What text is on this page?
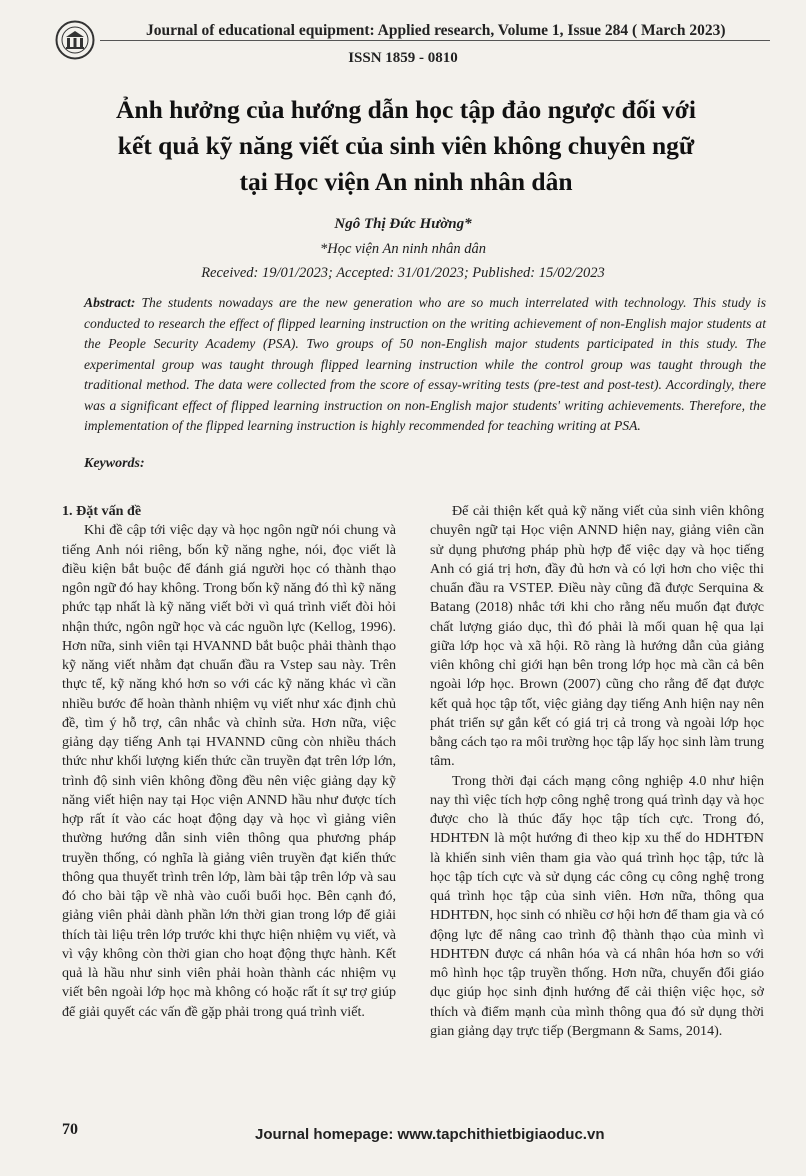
Journal of educational equipment: Applied research, Volume 1, Issue 284 ( March 2023)
ISSN 1859 - 0810
Ảnh hưởng của hướng dẫn học tập đảo ngược đối với
kết quả kỹ năng viết của sinh viên không chuyên ngữ
tại Học viện An ninh nhân dân
Ngô Thị Đức Hường*
*Học viện An ninh nhân dân
Received: 19/01/2023; Accepted: 31/01/2023; Published: 15/02/2023
Abstract: The students nowadays are the new generation who are so much interrelated with technology. This study is conducted to research the effect of flipped learning instruction on the writing achievement of non-English major students at the People Security Academy (PSA). Two groups of 50 non-English major students participated in this study. The experimental group was taught through flipped learning instruction while the control group was taught through the traditional method. The data were collected from the score of essay-writing tests (pre-test and post-test). Accordingly, there was a significant effect of flipped learning instruction on non-English major students' writing achievements. Therefore, the implementation of the flipped learning instruction is highly recommended for teaching writing at PSA.
Keywords:

1. Đặt vấn đề

Khi đề cập tới việc dạy và học ngôn ngữ nói chung và tiếng Anh nói riêng, bốn kỹ năng nghe, nói, đọc viết là điều kiện bắt buộc để đánh giá người học có thành thạo ngôn ngữ đó hay không. Trong bốn kỹ năng đó thì kỹ năng phức tạp nhất là kỹ năng viết bởi vì quá trình viết đòi hỏi nhận thức, ngôn ngữ học và các nguồn lực (Kellog, 1996). Hơn nữa, sinh viên tại HVANND bắt buộc phải thành thạo kỹ năng viết nhằm đạt chuẩn đầu ra Vstep sau này. Trên thực tế, kỹ năng khó hơn so với các kỹ năng khác vì cần nhiều bước để hoàn thành nhiệm vụ viết như xác định chủ đề, tìm ý hỗ trợ, cân nhắc và chỉnh sửa. Hơn nữa, việc giảng dạy tiếng Anh tại HVANND cũng còn nhiều thách thức như khối lượng kiến thức cần truyền đạt trên lớp lớn, trình độ sinh viên không đồng đều nên việc giảng dạy kỹ năng viết hiện nay tại Học viện ANND hầu như được tích hợp rất ít vào các hoạt động dạy và học vì giảng viên thường hướng dẫn sinh viên thông qua phương pháp truyền thống, có nghĩa là giảng viên truyền đạt kiến thức thông qua thuyết trình trên lớp, làm bài tập trên lớp và sau đó cho bài tập về nhà vào cuối buổi học. Bên cạnh đó, giảng viên phải dành phần lớn thời gian trong lớp để giải thích tài liệu trên lớp trước khi thực hiện nhiệm vụ viết, và vì vậy không còn thời gian cho hoạt động thực hành. Kết quả là hầu như sinh viên phải hoàn thành các nhiệm vụ viết bên ngoài lớp học mà không có hoặc rất ít sự trợ giúp để giải quyết các vấn đề gặp phải trong quá trình viết.

Để cải thiện kết quả kỹ năng viết của sinh viên không chuyên ngữ tại Học viện ANND hiện nay, giảng viên cần sử dụng phương pháp phù hợp để việc dạy và học tiếng Anh có giá trị hơn, đầy đủ hơn và có lợi hơn cho việc thi chuẩn đầu ra VSTEP. Điều này cũng đã được Serquina & Batang (2018) nhắc tới khi cho rằng nếu muốn đạt được chất lượng giáo dục, thì đó phải là mối quan hệ qua lại giữa lớp học và xã hội. Rõ ràng là hướng dẫn của giảng viên không chỉ giới hạn bên trong lớp học mà cần cả bên ngoài lớp học. Brown (2007) cũng cho rằng để đạt được kết quả học tập tốt, việc giảng dạy tiếng Anh hiện nay nên phát triển sự gắn kết có giá trị cả trong và ngoài lớp học bằng cách tạo ra môi trường học tập lấy học sinh làm trung tâm.

Trong thời đại cách mạng công nghiệp 4.0 như hiện nay thì việc tích hợp công nghệ trong quá trình dạy và học được cho là thúc đẩy học tập tích cực. Trong đó, HDHTĐN là một hướng đi theo kịp xu thế do HDHTĐN là khiến sinh viên tham gia vào quá trình học tập, tức là học tập tích cực và sử dụng các công cụ công nghệ trong quá trình học tập của sinh viên. Hơn nữa, thông qua HDHTĐN, học sinh có nhiều cơ hội hơn để tham gia và có động lực để nâng cao trình độ thành thạo của mình vì HDHTĐN được cá nhân hóa và cá nhân hóa hơn so với mô hình học tập truyền thống. Hơn nữa, chuyển đổi giáo dục giúp học sinh định hướng để cải thiện việc học, sở thích và điểm mạnh của mình thông qua đó sử dụng thời gian giảng dạy trực tiếp (Bergmann & Sams, 2014).

70	Journal homepage: www.tapchithietbigiaoduc.vn
